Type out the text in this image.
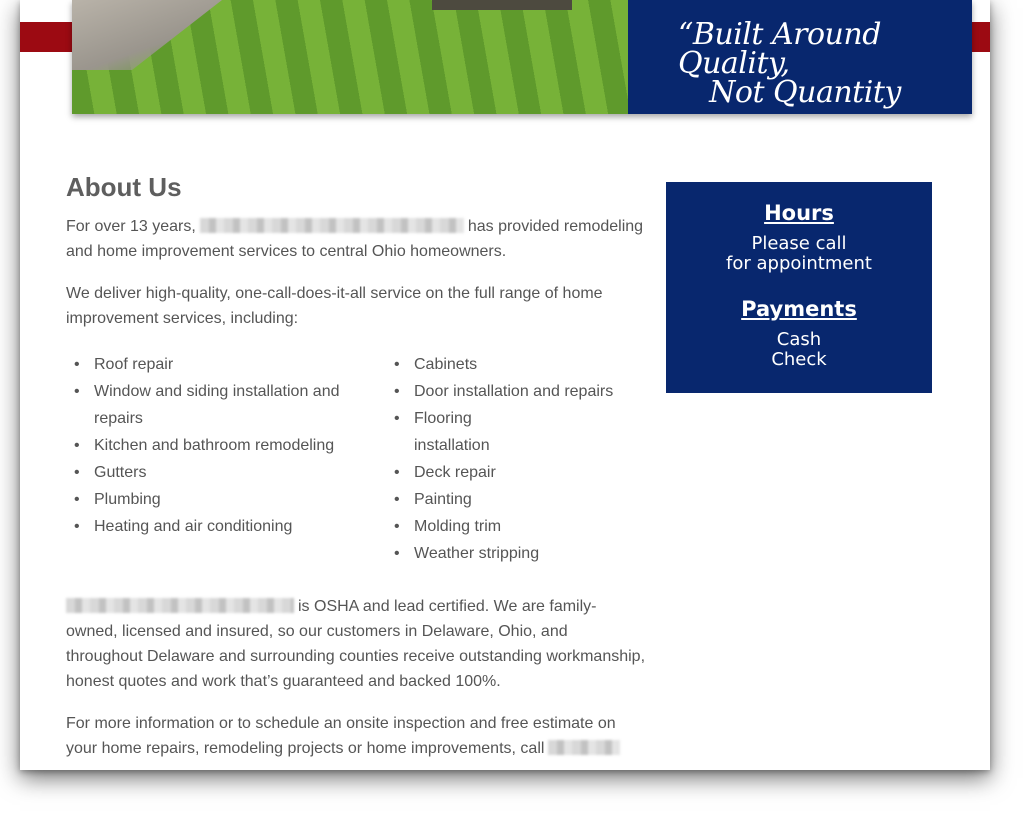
“Built Around Quality,
Not Quantity
About Us

For over 13 years,	has provided remodeling and home improvement services to central Ohio homeowners.

We deliver high-quality, one-call-does-it-all service on the full range of home improvement services, including:

• Roof repair
• Window and siding installation and repairs
• Kitchen and bathroom remodeling
• Gutters
• Plumbing
• Heating and air conditioning
• Cabinets
• Door installation and repairs
• Flooring installation
• Deck repair
• Painting
• Molding trim
• Weather stripping

is OSHA and lead certified. We are family-owned, licensed and insured, so our customers in Delaware, Ohio, and throughout Delaware and surrounding counties receive outstanding workmanship, honest quotes and work that’s guaranteed and backed 100%.

For more information or to schedule an onsite inspection and free estimate on your home repairs, remodeling projects or home improvements, call

Hours
Please call
for appointment
Payments
Cash
Check
